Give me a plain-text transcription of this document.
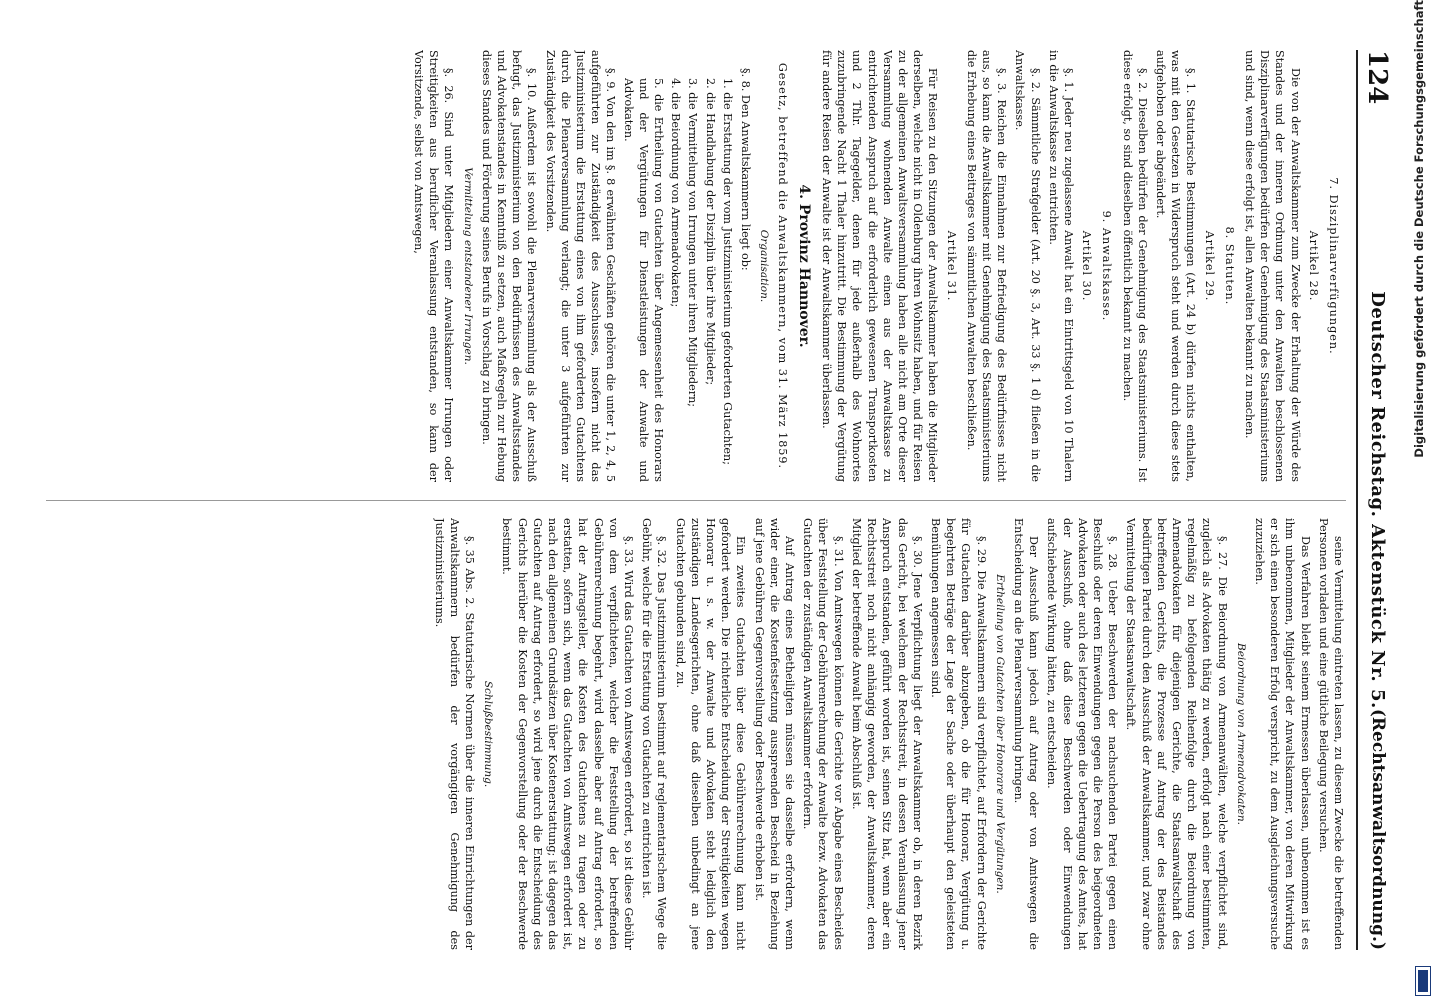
124
Deutscher Reichstag. Aktenstück Nr. 5.
(Rechtsanwaltsordnung.)

7. Disziplinarverfügungen.

Artikel 28.

Die von der Anwaltskammer zum Zwecke der Erhaltung der Würde des Standes und der inneren Ordnung unter den Anwalten beschlossenen Disziplinarverfügungen bedürfen der Genehmigung des Staatsministeriums und sind, wenn diese erfolgt ist, allen Anwalten bekannt zu machen.

8. Statuten.

Artikel 29.

§. 1. Statutarische Bestimmungen (Art. 24 b) dürfen nichts enthalten, was mit den Gesetzen in Widerspruch steht und werden durch diese stets aufgehoben oder abgeändert.

§. 2. Dieselben bedürfen der Genehmigung des Staatsministeriums. Ist diese erfolgt, so sind dieselben öffentlich bekannt zu machen.

9. Anwaltskasse.

Artikel 30.

§. 1. Jeder neu zugelassene Anwalt hat ein Eintrittsgeld von 10 Thalern in die Anwaltskasse zu entrichten.

§. 2. Sämmtliche Strafgelder (Art. 20 §. 3, Art. 33 §. 1 d) fließen in die Anwaltskasse.

§. 3. Reichen die Einnahmen zur Befriedigung des Bedürfnisses nicht aus, so kann die Anwaltskammer mit Genehmigung des Staatsministeriums die Erhebung eines Beitrages von sämmtlichen Anwalten beschließen.

Artikel 31.

Für Reisen zu den Sitzungen der Anwaltskammer haben die Mitglieder derselben, welche nicht in Oldenburg ihren Wohnsitz haben, und für Reisen zu der allgemeinen Anwaltsversammlung haben alle nicht am Orte dieser Versammlung wohnenden Anwalte einen aus der Anwaltskasse zu entrichtenden Anspruch auf die erforderlich gewesenen Transportkosten und 2 Thlr. Tagegelder, denen für jede außerhalb des Wohnortes zuzubringende Nacht 1 Thaler hinzutritt. Die Bestimmung der Vergütung für andere Reisen der Anwalte ist der Anwaltskammer überlassen.

4. Provinz Hannover.

Gesetz, betreffend die Anwaltskammern, vom 31. März 1859.

Organisation.

§. 8. Den Anwaltskammern liegt ob:

1. die Erstattung der vom Justizministerium geforderten Gutachten;

2. die Handhabung der Disziplin über ihre Mitglieder;

3. die Vermittelung von Irrungen unter ihren Mitgliedern;

4. die Beiordnung von Armenadvokaten;

5. die Ertheilung von Gutachten über Angemessenheit des Honorars und der Vergütungen für Dienstleistungen der Anwalte und Advokaten.

§. 9. Von den im §. 8 erwähnten Geschäften gehören die unter 1, 2, 4, 5 aufgeführten zur Zuständigkeit des Ausschusses, insofern nicht das Justizministerium die Erstattung eines von ihm geforderten Gutachtens durch die Plenarversammlung verlangt; die unter 3 aufgeführten zur Zuständigkeit des Vorsitzenden.

§. 10. Außerdem ist sowohl die Plenarversammlung als der Ausschuß befugt, das Justizministerium von den Bedürfnissen des Anwaltsstandes und Advokatenstandes in Kenntniß zu setzen, auch Maßregeln zur Hebung dieses Standes und Förderung seines Berufs in Vorschlag zu bringen.

Vermittelung entstandener Irrungen.

§. 26. Sind unter Mitgliedern einer Anwaltskammer Irrungen oder Streitigkeiten aus beruflicher Veranlassung entstanden, so kann der Vorsitzende, selbst von Amtswegen,

seine Vermittelung eintreten lassen, zu diesem Zwecke die betreffenden Personen vorladen und eine gütliche Beilegung versuchen.

Das Verfahren bleibt seinem Ermessen überlassen, unbenommen ist es ihm unbenommen, Mitglieder der Anwaltskammer, von deren Mitwirkung er sich einen besonderen Erfolg verspricht, zu dem Ausgleichungsversuche zuzuziehen.

Beiordnung von Armenadvokaten.

§. 27. Die Beiordnung von Armenanwälten, welche verpflichtet sind, zugleich als Advokaten thätig zu werden, erfolgt nach einer bestimmten, regelmäßig zu befolgenden Reihenfolge durch die Beiordnung von Armenadvokaten für diejenigen Gerichte, die Staatsanwaltschaft des betreffenden Gerichts, die Prozesse auf Antrag der des Beistandes bedürftigen Partei durch den Ausschuß der Anwaltskammer, und zwar ohne Vermittelung der Staatsanwaltschaft.

§. 28. Ueber Beschwerden der nachsuchenden Partei gegen einen Beschluß oder deren Einwendungen gegen die Person des beigeordneten Advokaten oder auch des letzteren gegen die Uebertragung des Amtes, hat der Ausschuß, ohne daß diese Beschwerden oder Einwendungen aufschiebende Wirkung hätten, zu entscheiden.

Der Ausschuß kann jedoch auf Antrag oder von Amtswegen die Entscheidung an die Plenarversammlung bringen.

Ertheilung von Gutachten über Honorare und Vergütungen.

§. 29. Die Anwaltskammern sind verpflichtet, auf Erfordern der Gerichte für Gutachten darüber abzugeben, ob die für Honorar, Vergütung u. begehrten Beträge der Lage der Sache oder überhaupt den geleisteten Bemühungen angemessen sind.

§. 30. Jene Verpflichtung liegt der Anwaltskammer ob, in deren Bezirk das Gericht, bei welchem der Rechtsstreit, in dessen Veranlassung jener Anspruch entstanden, geführt worden ist, seinen Sitz hat, wenn aber ein Rechtsstreit noch nicht anhängig geworden, der Anwaltskammer, deren Mitglied der betreffende Anwalt beim Abschluß ist.

§. 31. Von Amtswegen können die Gerichte vor Abgabe eines Bescheides über Feststellung der Gebührenrechnung der Anwalte bezw. Advokaten das Gutachten der zuständigen Anwaltskammer erfordern.

Auf Antrag eines Betheiligten müssen sie dasselbe erfordern, wenn wider einer, die Kostenfestsetzung ausspreenden Bescheid in Beziehung auf jene Gebühren Gegenvorstellung oder Beschwerde erhoben ist.

Ein zweites Gutachten über diese Gebührenrechnung kann nicht gefordert werden. Die richterliche Entscheidung der Streitigkeiten wegen Honorar u. s. w. der Anwalte und Advokaten steht lediglich den zuständigen Landesgerichten, ohne daß dieselben unbedingt an jene Gutachten gebunden sind, zu.

§. 32. Das Justizministerium bestimmt auf reglementarischem Wege die Gebühr, welche für die Erstattung von Gutachten zu entrichten ist.

§. 33. Wird das Gutachten von Amtswegen erfordert, so ist diese Gebühr von dem verpflichteten, welcher die Feststellung der betreffenden Gebührenrechnung begehrt, wird dasselbe aber auf Antrag erfordert, so hat der Antragsteller, die Kosten des Gutachtens zu tragen oder zu erstatten, sofern sich, wenn das Gutachten von Amtswegen erfordert ist, nach den allgemeinen Grundsätzen über Kostenerstattung; ist dagegen das Gutachten auf Antrag erfordert, so wird jene durch die Entscheidung des Gerichts hierüber die Kosten der Gegenvorstellung oder der Beschwerde bestimmt.

Schlußbestimmung.

§. 35 Abs. 2. Statutarische Normen über die inneren Einrichtungen der Anwaltskammern bedürfen der vorgängigen Genehmigung des Justizministeriums.

Digitalisierung gefördert durch die Deutsche Forschungsgemeinschaft
